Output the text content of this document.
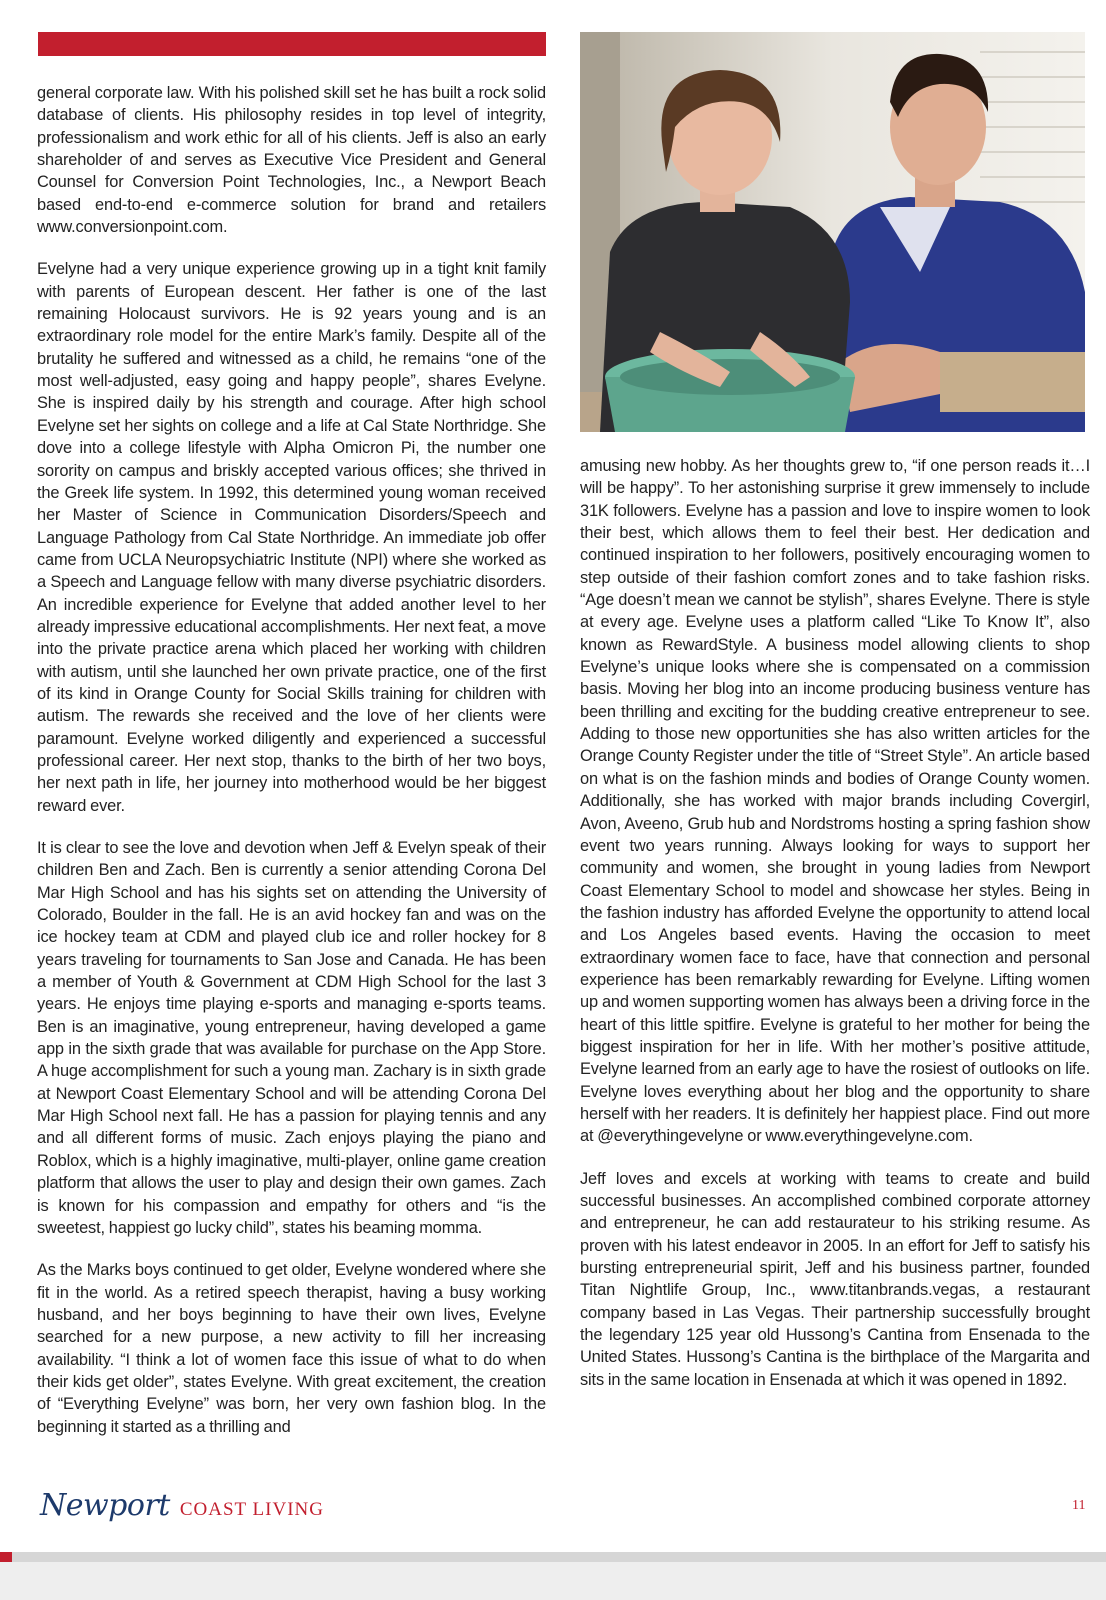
general corporate law. With his polished skill set he has built a rock solid database of clients. His philosophy resides in top level of integrity, professionalism and work ethic for all of his clients. Jeff is also an early shareholder of and serves as Executive Vice President and General Counsel for Conversion Point Technologies, Inc., a Newport Beach based end-to-end e-commerce solution for brand and retailers www.conversionpoint.com.

Evelyne had a very unique experience growing up in a tight knit family with parents of European descent. Her father is one of the last remaining Holocaust survivors. He is 92 years young and is an extraordinary role model for the entire Mark’s family. Despite all of the brutality he suffered and witnessed as a child, he remains “one of the most well-adjusted, easy going and happy people”, shares Evelyne. She is inspired daily by his strength and courage. After high school Evelyne set her sights on college and a life at Cal State Northridge. She dove into a college lifestyle with Alpha Omicron Pi, the number one sorority on campus and briskly accepted various offices; she thrived in the Greek life system. In 1992, this determined young woman received her Master of Science in Communication Disorders/Speech and Language Pathology from Cal State Northridge. An immediate job offer came from UCLA Neuropsychiatric Institute (NPI) where she worked as a Speech and Language fellow with many diverse psychiatric disorders. An incredible experience for Evelyne that added another level to her already impressive educational accomplishments. Her next feat, a move into the private practice arena which placed her working with children with autism, until she launched her own private practice, one of the first of its kind in Orange County for Social Skills training for children with autism. The rewards she received and the love of her clients were paramount. Evelyne worked diligently and experienced a successful professional career. Her next stop, thanks to the birth of her two boys, her next path in life, her journey into motherhood would be her biggest reward ever.

It is clear to see the love and devotion when Jeff & Evelyn speak of their children Ben and Zach. Ben is currently a senior attending Corona Del Mar High School and has his sights set on attending the University of Colorado, Boulder in the fall. He is an avid hockey fan and was on the ice hockey team at CDM and played club ice and roller hockey for 8 years traveling for tournaments to San Jose and Canada. He has been a member of Youth & Government at CDM High School for the last 3 years. He enjoys time playing e-sports and managing e-sports teams. Ben is an imaginative, young entrepreneur, having developed a game app in the sixth grade that was available for purchase on the App Store. A huge accomplishment for such a young man. Zachary is in sixth grade at Newport Coast Elementary School and will be attending Corona Del Mar High School next fall. He has a passion for playing tennis and any and all different forms of music. Zach enjoys playing the piano and Roblox, which is a highly imaginative, multi-player, online game creation platform that allows the user to play and design their own games. Zach is known for his compassion and empathy for others and “is the sweetest, happiest go lucky child”, states his beaming momma.

As the Marks boys continued to get older, Evelyne wondered where she fit in the world. As a retired speech therapist, having a busy working husband, and her boys beginning to have their own lives, Evelyne searched for a new purpose, a new activity to fill her increasing availability. “I think a lot of women face this issue of what to do when their kids get older”, states Evelyne. With great excitement, the creation of “Everything Evelyne” was born, her very own fashion blog. In the beginning it started as a thrilling and

amusing new hobby. As her thoughts grew to, “if one person reads it…I will be happy”. To her astonishing surprise it grew immensely to include 31K followers. Evelyne has a passion and love to inspire women to look their best, which allows them to feel their best. Her dedication and continued inspiration to her followers, positively encouraging women to step outside of their fashion comfort zones and to take fashion risks. “Age doesn’t mean we cannot be stylish”, shares Evelyne. There is style at every age. Evelyne uses a platform called “Like To Know It”, also known as RewardStyle. A business model allowing clients to shop Evelyne’s unique looks where she is compensated on a commission basis. Moving her blog into an income producing business venture has been thrilling and exciting for the budding creative entrepreneur to see. Adding to those new opportunities she has also written articles for the Orange County Register under the title of “Street Style”. An article based on what is on the fashion minds and bodies of Orange County women. Additionally, she has worked with major brands including Covergirl, Avon, Aveeno, Grub hub and Nordstroms hosting a spring fashion show event two years running. Always looking for ways to support her community and women, she brought in young ladies from Newport Coast Elementary School to model and showcase her styles. Being in the fashion industry has afforded Evelyne the opportunity to attend local and Los Angeles based events. Having the occasion to meet extraordinary women face to face, have that connection and personal experience has been remarkably rewarding for Evelyne. Lifting women up and women supporting women has always been a driving force in the heart of this little spitfire. Evelyne is grateful to her mother for being the biggest inspiration for her in life. With her mother’s positive attitude, Evelyne learned from an early age to have the rosiest of outlooks on life. Evelyne loves everything about her blog and the opportunity to share herself with her readers. It is definitely her happiest place. Find out more at @everythingevelyne or www.everythingevelyne.com.

Jeff loves and excels at working with teams to create and build successful businesses. An accomplished combined corporate attorney and entrepreneur, he can add restaurateur to his striking resume. As proven with his latest endeavor in 2005. In an effort for Jeff to satisfy his bursting entrepreneurial spirit, Jeff and his business partner, founded Titan Nightlife Group, Inc., www.titanbrands.vegas, a restaurant company based in Las Vegas. Their partnership successfully brought the legendary 125 year old Hussong’s Cantina from Ensenada to the United States. Hussong’s Cantina is the birthplace of the Margarita and sits in the same location in Ensenada at which it was opened in 1892.

Newport COAST LIVING	11
